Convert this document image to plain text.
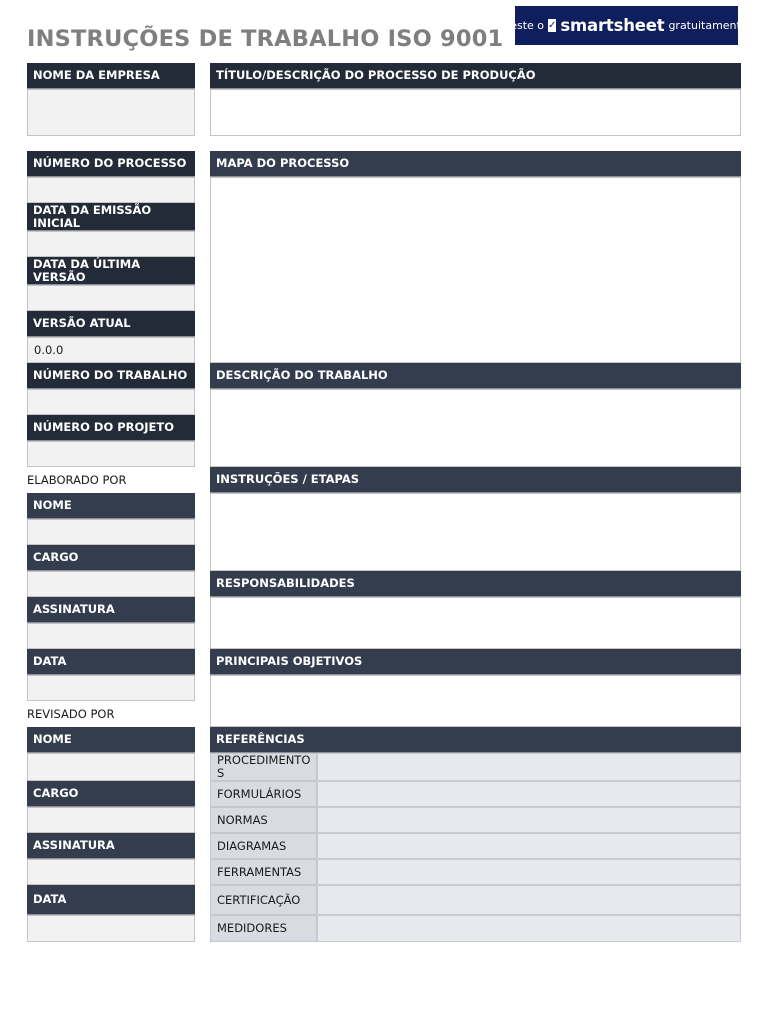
INSTRUÇÕES DE TRABALHO ISO 9001
Teste o ✓ smartsheet gratuitamente
NOME DA EMPRESA
NÚMERO DO PROCESSO
DATA DA EMISSÃO INICIAL
DATA DA ÚLTIMA VERSÃO
VERSÃO ATUAL
0.0.0
NÚMERO DO TRABALHO
NÚMERO DO PROJETO
ELABORADO POR
NOME
CARGO
ASSINATURA
DATA
REVISADO POR
NOME
CARGO
ASSINATURA
DATA
TÍTULO/DESCRIÇÃO DO PROCESSO DE PRODUÇÃO
MAPA DO PROCESSO
DESCRIÇÃO DO TRABALHO
INSTRUÇÕES / ETAPAS
RESPONSABILIDADES
PRINCIPAIS OBJETIVOS
REFERÊNCIAS
PROCEDIMENTOS
FORMULÁRIOS
NORMAS
DIAGRAMAS
FERRAMENTAS
CERTIFICAÇÃO
MEDIDORES
